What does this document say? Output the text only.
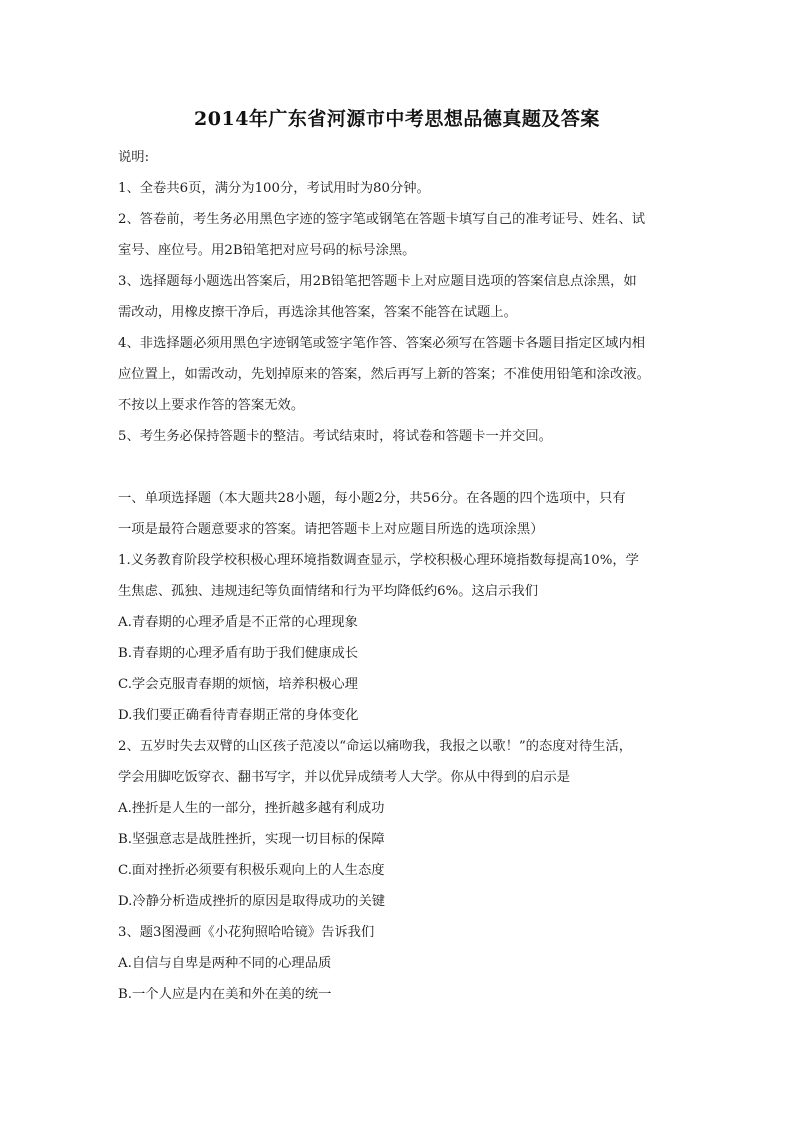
2014年广东省河源市中考思想品德真题及答案
说明:
1、全卷共6页，满分为100分，考试用时为80分钟。
2、答卷前，考生务必用黑色字迹的签字笔或钢笔在答题卡填写自己的准考证号、姓名、试
室号、座位号。用2B铅笔把对应号码的标号涂黑。
3、选择题每小题选出答案后，用2B铅笔把答题卡上对应题目选项的答案信息点涂黑，如
需改动，用橡皮擦干净后，再选涂其他答案，答案不能答在试题上。
4、非选择题必须用黑色字迹钢笔或签字笔作答、答案必须写在答题卡各题目指定区域内相
应位置上，如需改动，先划掉原来的答案，然后再写上新的答案；不准使用铅笔和涂改液。
不按以上要求作答的答案无效。
5、考生务必保持答题卡的整洁。考试结束时，将试卷和答题卡一并交回。
一、单项选择题（本大题共28小题，每小题2分，共56分。在各题的四个选项中，只有
一项是最符合题意要求的答案。请把答题卡上对应题目所选的选项涂黑）
1.义务教育阶段学校积极心理环境指数调查显示，学校积极心理环境指数每提高10%，学
生焦虑、孤独、违规违纪等负面情绪和行为平均降低约6%。这启示我们
A.青春期的心理矛盾是不正常的心理现象
B.青春期的心理矛盾有助于我们健康成长
C.学会克服青春期的烦恼，培养积极心理
D.我们要正确看待青春期正常的身体变化
2、五岁时失去双臂的山区孩子范凌以“命运以痛吻我，我报之以歌！”的态度对待生活，
学会用脚吃饭穿衣、翻书写字，并以优异成绩考人大学。你从中得到的启示是
A.挫折是人生的一部分，挫折越多越有利成功
B.坚强意志是战胜挫折，实现一切目标的保障
C.面对挫折必须要有积极乐观向上的人生态度
D.冷静分析造成挫折的原因是取得成功的关键
3、题3图漫画《小花狗照哈哈镜》告诉我们
A.自信与自卑是两种不同的心理品质
B.一个人应是内在美和外在美的统一
